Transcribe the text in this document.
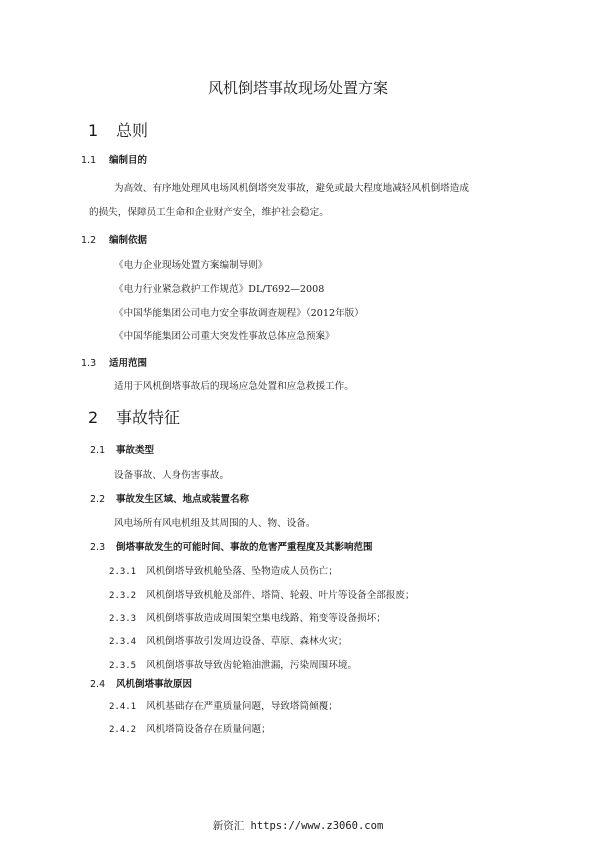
风机倒塔事故现场处置方案
1 总则
1.1 编制目的
为高效、有序地处理风电场风机倒塔突发事故，避免或最大程度地减轻风机倒塔造成
的损失，保障员工生命和企业财产安全，维护社会稳定。
1.2 编制依据
《电力企业现场处置方案编制导则》
《电力行业紧急救护工作规范》DL/T692—2008
《中国华能集团公司电力安全事故调查规程》（2012年版）
《中国华能集团公司重大突发性事故总体应急预案》
1.3 适用范围
适用于风机倒塔事故后的现场应急处置和应急救援工作。
2 事故特征
2.1 事故类型
设备事故、人身伤害事故。
2.2 事故发生区域、地点或装置名称
风电场所有风电机组及其周围的人、物、设备。
2.3 倒塔事故发生的可能时间、事故的危害严重程度及其影响范围
2.3.1 风机倒塔导致机舱坠落、坠物造成人员伤亡；
2.3.2 风机倒塔导致机舱及部件、塔筒、轮毂、叶片等设备全部报废；
2.3.3 风机倒塔事故造成周围架空集电线路、箱变等设备损坏；
2.3.4 风机倒塔事故引发周边设备、草原、森林火灾；
2.3.5 风机倒塔事故导致齿轮箱油泄漏，污染周围环境。
2.4 风机倒塔事故原因
2.4.1 风机基础存在严重质量问题，导致塔筒倾覆；
2.4.2 风机塔筒设备存在质量问题；
新资汇 https://www.z3060.com
